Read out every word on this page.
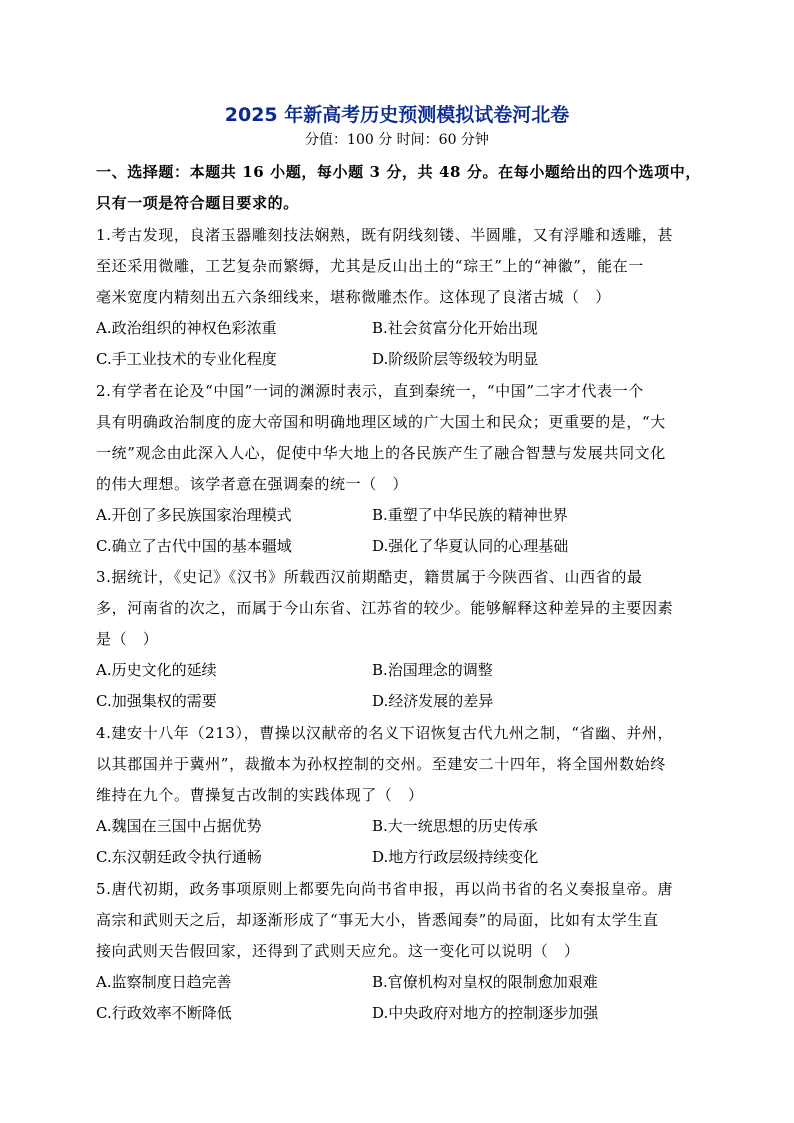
2025 年新高考历史预测模拟试卷河北卷
分值：100 分 时间：60 分钟
一、选择题：本题共 16 小题，每小题 3 分，共 48 分。在每小题给出的四个选项中，
只有一项是符合题目要求的。
1.考古发现，良渚玉器雕刻技法娴熟，既有阴线刻镂、半圆雕，又有浮雕和透雕，甚
至还采用微雕，工艺复杂而繁缛，尤其是反山出土的“琮王”上的“神徽”，能在一
毫米宽度内精刻出五六条细线来，堪称微雕杰作。这体现了良渚古城（　）
A.政治组织的神权色彩浓重	B.社会贫富分化开始出现
C.手工业技术的专业化程度	D.阶级阶层等级较为明显
2.有学者在论及“中国”一词的渊源时表示，直到秦统一，“中国”二字才代表一个
具有明确政治制度的庞大帝国和明确地理区域的广大国土和民众；更重要的是，“大
一统”观念由此深入人心，促使中华大地上的各民族产生了融合智慧与发展共同文化
的伟大理想。该学者意在强调秦的统一（　）
A.开创了多民族国家治理模式	B.重塑了中华民族的精神世界
C.确立了古代中国的基本疆域	D.强化了华夏认同的心理基础
3.据统计，《史记》《汉书》所载西汉前期酷吏，籍贯属于今陕西省、山西省的最
多，河南省的次之，而属于今山东省、江苏省的较少。能够解释这种差异的主要因素
是（　）
A.历史文化的延续	B.治国理念的调整
C.加强集权的需要	D.经济发展的差异
4.建安十八年（213），曹操以汉献帝的名义下诏恢复古代九州之制，“省幽、并州，
以其郡国并于冀州”，裁撤本为孙权控制的交州。至建安二十四年，将全国州数始终
维持在九个。曹操复古改制的实践体现了（　）
A.魏国在三国中占据优势	B.大一统思想的历史传承
C.东汉朝廷政令执行通畅	D.地方行政层级持续变化
5.唐代初期，政务事项原则上都要先向尚书省申报，再以尚书省的名义奏报皇帝。唐
高宗和武则天之后，却逐渐形成了“事无大小，皆悉闻奏”的局面，比如有太学生直
接向武则天告假回家，还得到了武则天应允。这一变化可以说明（　）
A.监察制度日趋完善	B.官僚机构对皇权的限制愈加艰难
C.行政效率不断降低	D.中央政府对地方的控制逐步加强
